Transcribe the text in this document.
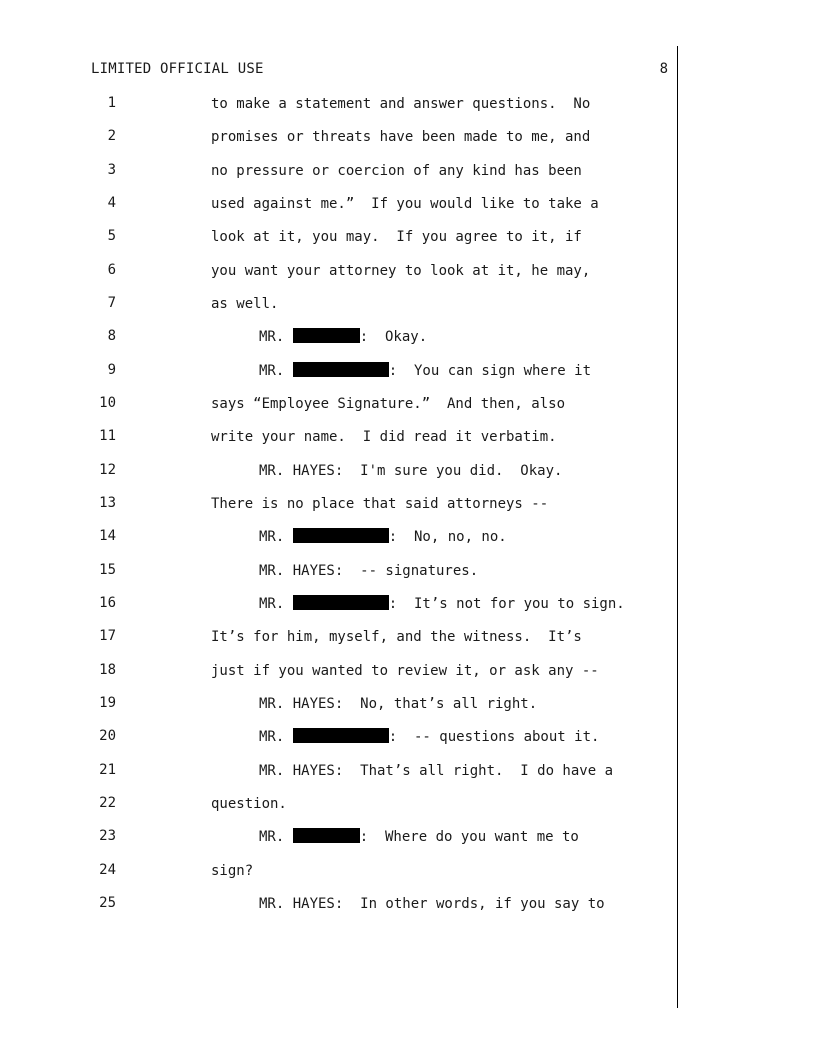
LIMITED OFFICIAL USE	8
1	to make a statement and answer questions.  No
2	promises or threats have been made to me, and
3	no pressure or coercion of any kind has been
4	used against me.”  If you would like to take a
5	look at it, you may.  If you agree to it, if
6	you want your attorney to look at it, he may,
7	as well.
8	MR.	:  Okay.
9	MR.	:  You can sign where it
10	says “Employee Signature.”  And then, also
11	write your name.  I did read it verbatim.
12	MR. HAYES:  I'm sure you did.  Okay.
13	There is no place that said attorneys --
14	MR.	:  No, no, no.
15	MR. HAYES:  -- signatures.
16	MR.	:  It’s not for you to sign.
17	It’s for him, myself, and the witness.  It’s
18	just if you wanted to review it, or ask any --
19	MR. HAYES:  No, that’s all right.
20	MR.	:  -- questions about it.
21	MR. HAYES:  That’s all right.  I do have a
22	question.
23	MR.	:  Where do you want me to
24	sign?
25	MR. HAYES:  In other words, if you say to
